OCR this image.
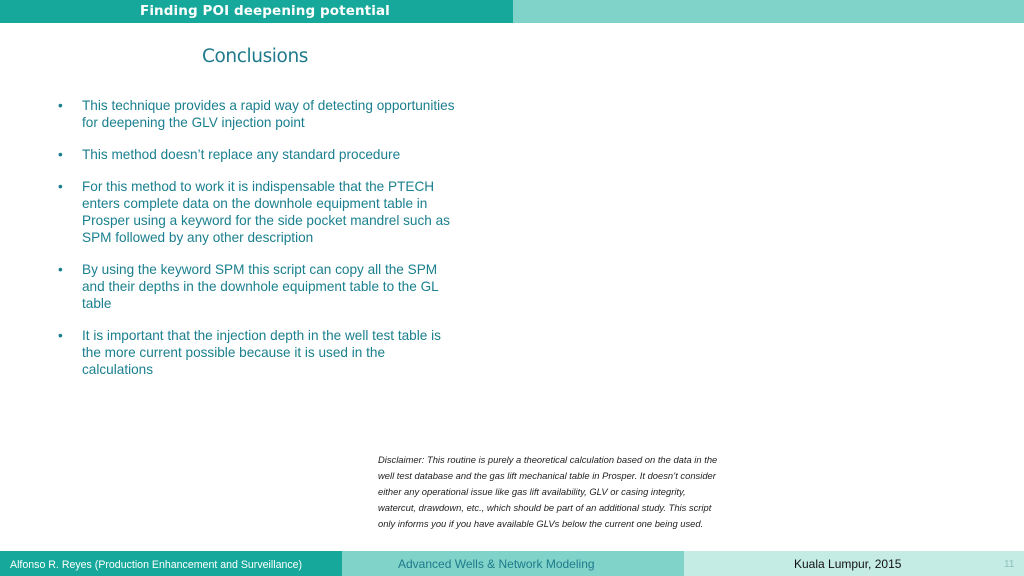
Finding POI deepening potential
Conclusions
•	This technique provides a rapid way of detecting opportunities for deepening the GLV injection point
•	This method doesn’t replace any standard procedure
•	For this method to work it is indispensable that the PTECH enters complete data on the downhole equipment table in Prosper using a keyword for the side pocket mandrel such as SPM followed by any other description
•	By using the keyword SPM this script can copy all the SPM and their depths in the downhole equipment table to the GL table
•	It is important that the injection depth in the well test table is the more current possible because it is used in the calculations
Disclaimer: This routine is purely a theoretical calculation based on the data in the well test database and the gas lift mechanical table in Prosper. It doesn’t consider either any operational issue like gas lift availability, GLV or casing integrity, watercut, drawdown, etc., which should be part of an additional study. This script only informs you if you have available GLVs below the current one being used.
Alfonso R. Reyes (Production Enhancement and Surveillance)	Advanced Wells & Network Modeling	Kuala Lumpur, 2015	11
